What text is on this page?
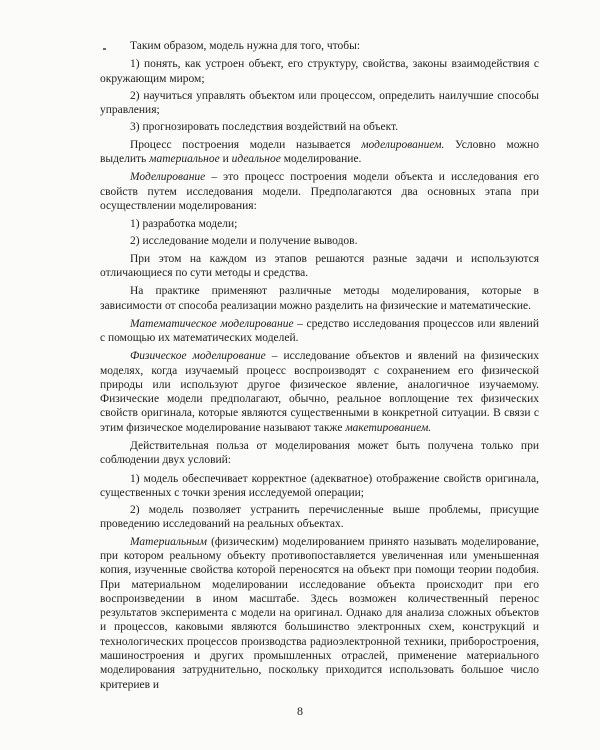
Таким образом, модель нужна для того, чтобы:

1) понять, как устроен объект, его структуру, свойства, законы взаимодействия с окружающим миром;

2) научиться управлять объектом или процессом, определить наилучшие способы управления;

3) прогнозировать последствия воздействий на объект.

Процесс построения модели называется моделированием. Условно можно выделить материальное и идеальное моделирование.

Моделирование – это процесс построения модели объекта и исследования его свойств путем исследования модели. Предполагаются два основных этапа при осуществлении моделирования:

1) разработка модели;

2) исследование модели и получение выводов.

При этом на каждом из этапов решаются разные задачи и используются отличающиеся по сути методы и средства.

На практике применяют различные методы моделирования, которые в зависимости от способа реализации можно разделить на физические и математические.

Математическое моделирование – средство исследования процессов или явлений с помощью их математических моделей.

Физическое моделирование – исследование объектов и явлений на физических моделях, когда изучаемый процесс воспроизводят с сохранением его физической природы или используют другое физическое явление, аналогичное изучаемому. Физические модели предполагают, обычно, реальное воплощение тех физических свойств оригинала, которые являются существенными в конкретной ситуации. В связи с этим физическое моделирование называют также макетированием.

Действительная польза от моделирования может быть получена только при соблюдении двух условий:

1) модель обеспечивает корректное (адекватное) отображение свойств оригинала, существенных с точки зрения исследуемой операции;

2) модель позволяет устранить перечисленные выше проблемы, присущие проведению исследований на реальных объектах.

Материальным (физическим) моделированием принято называть моделирование, при котором реальному объекту противопоставляется увеличенная или уменьшенная копия, изученные свойства которой переносятся на объект при помощи теории подобия. При материальном моделировании исследование объекта происходит при его воспроизведении в ином масштабе. Здесь возможен количественный перенос результатов эксперимента с модели на оригинал. Однако для анализа сложных объектов и процессов, каковыми являются большинство электронных схем, конструкций и технологических процессов производства радиоэлектронной техники, приборостроения, машиностроения и других промышленных отраслей, применение материального моделирования затруднительно, поскольку приходится использовать большое число критериев и

8
